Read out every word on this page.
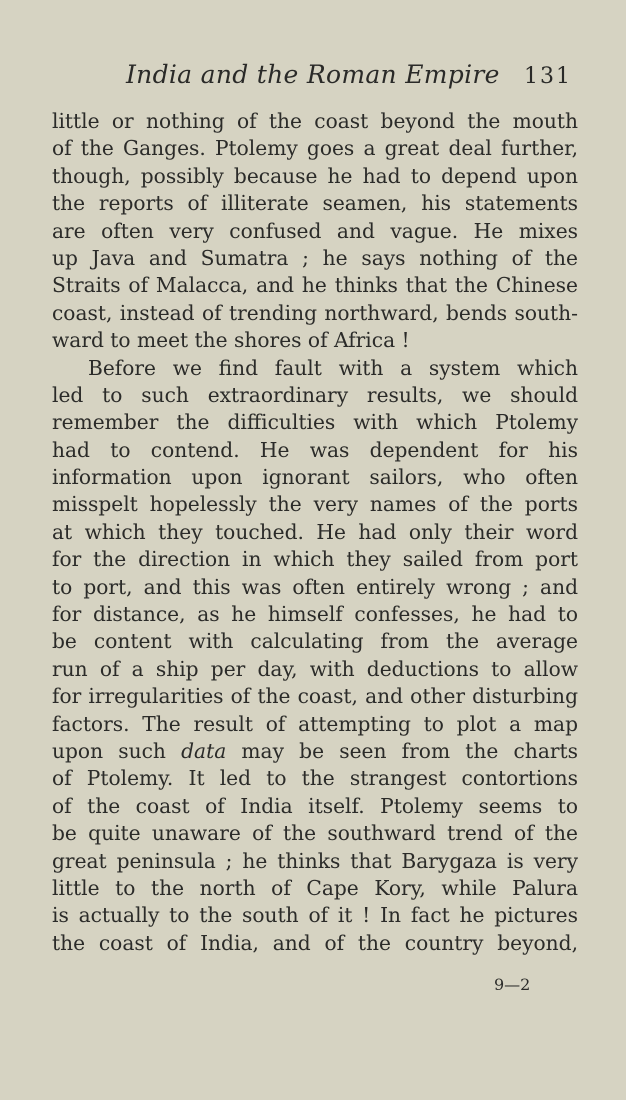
India and the Roman Empire 131
little or nothing of the coast beyond the mouth
of the Ganges. Ptolemy goes a great deal further,
though, possibly because he had to depend upon
the reports of illiterate seamen, his statements
are often very confused and vague. He mixes
up Java and Sumatra ; he says nothing of the
Straits of Malacca, and he thinks that the Chinese
coast, instead of trending northward, bends south-
ward to meet the shores of Africa !
Before we find fault with a system which
led to such extraordinary results, we should
remember the difficulties with which Ptolemy
had to contend. He was dependent for his
information upon ignorant sailors, who often
misspelt hopelessly the very names of the ports
at which they touched. He had only their word
for the direction in which they sailed from port
to port, and this was often entirely wrong ; and
for distance, as he himself confesses, he had to
be content with calculating from the average
run of a ship per day, with deductions to allow
for irregularities of the coast, and other disturbing
factors. The result of attempting to plot a map
upon such data may be seen from the charts
of Ptolemy. It led to the strangest contortions
of the coast of India itself. Ptolemy seems to
be quite unaware of the southward trend of the
great peninsula ; he thinks that Barygaza is very
little to the north of Cape Kory, while Palura
is actually to the south of it ! In fact he pictures
the coast of India, and of the country beyond,
9—2
